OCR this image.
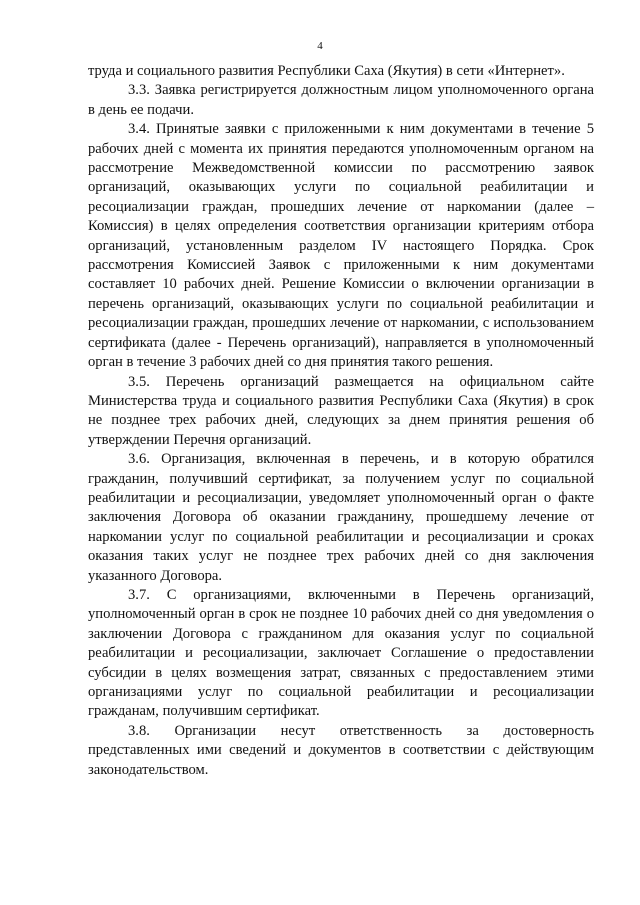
4

труда и социального развития Республики Саха (Якутия) в сети «Интернет».

3.3. Заявка регистрируется должностным лицом уполномоченного органа в день ее подачи.

3.4. Принятые заявки с приложенными к ним документами в течение 5 рабочих дней с момента их принятия передаются уполномоченным органом на рассмотрение Межведомственной комиссии по рассмотрению заявок организаций, оказывающих услуги по социальной реабилитации и ресоциализации граждан, прошедших лечение от наркомании (далее – Комиссия) в целях определения соответствия организации критериям отбора организаций, установленным разделом IV настоящего Порядка. Срок рассмотрения Комиссией Заявок с приложенными к ним документами составляет 10 рабочих дней. Решение Комиссии о включении организации в перечень организаций, оказывающих услуги по социальной реабилитации и ресоциализации граждан, прошедших лечение от наркомании, с использованием сертификата (далее - Перечень организаций), направляется в уполномоченный орган в течение 3 рабочих дней со дня принятия такого решения.

3.5. Перечень организаций размещается на официальном сайте Министерства труда и социального развития Республики Саха (Якутия) в срок не позднее трех рабочих дней, следующих за днем принятия решения об утверждении Перечня организаций.

3.6. Организация, включенная в перечень, и в которую обратился гражданин, получивший сертификат, за получением услуг по социальной реабилитации и ресоциализации, уведомляет уполномоченный орган о факте заключения Договора об оказании гражданину, прошедшему лечение от наркомании услуг по социальной реабилитации и ресоциализации и сроках оказания таких услуг не позднее трех рабочих дней со дня заключения указанного Договора.

3.7. С организациями, включенными в Перечень организаций, уполномоченный орган в срок не позднее 10 рабочих дней со дня уведомления о заключении Договора с гражданином для оказания услуг по социальной реабилитации и ресоциализации, заключает Соглашение о предоставлении субсидии в целях возмещения затрат, связанных с предоставлением этими организациями услуг по социальной реабилитации и ресоциализации гражданам, получившим сертификат.

3.8. Организации несут ответственность за достоверность представленных ими сведений и документов в соответствии с действующим законодательством.
